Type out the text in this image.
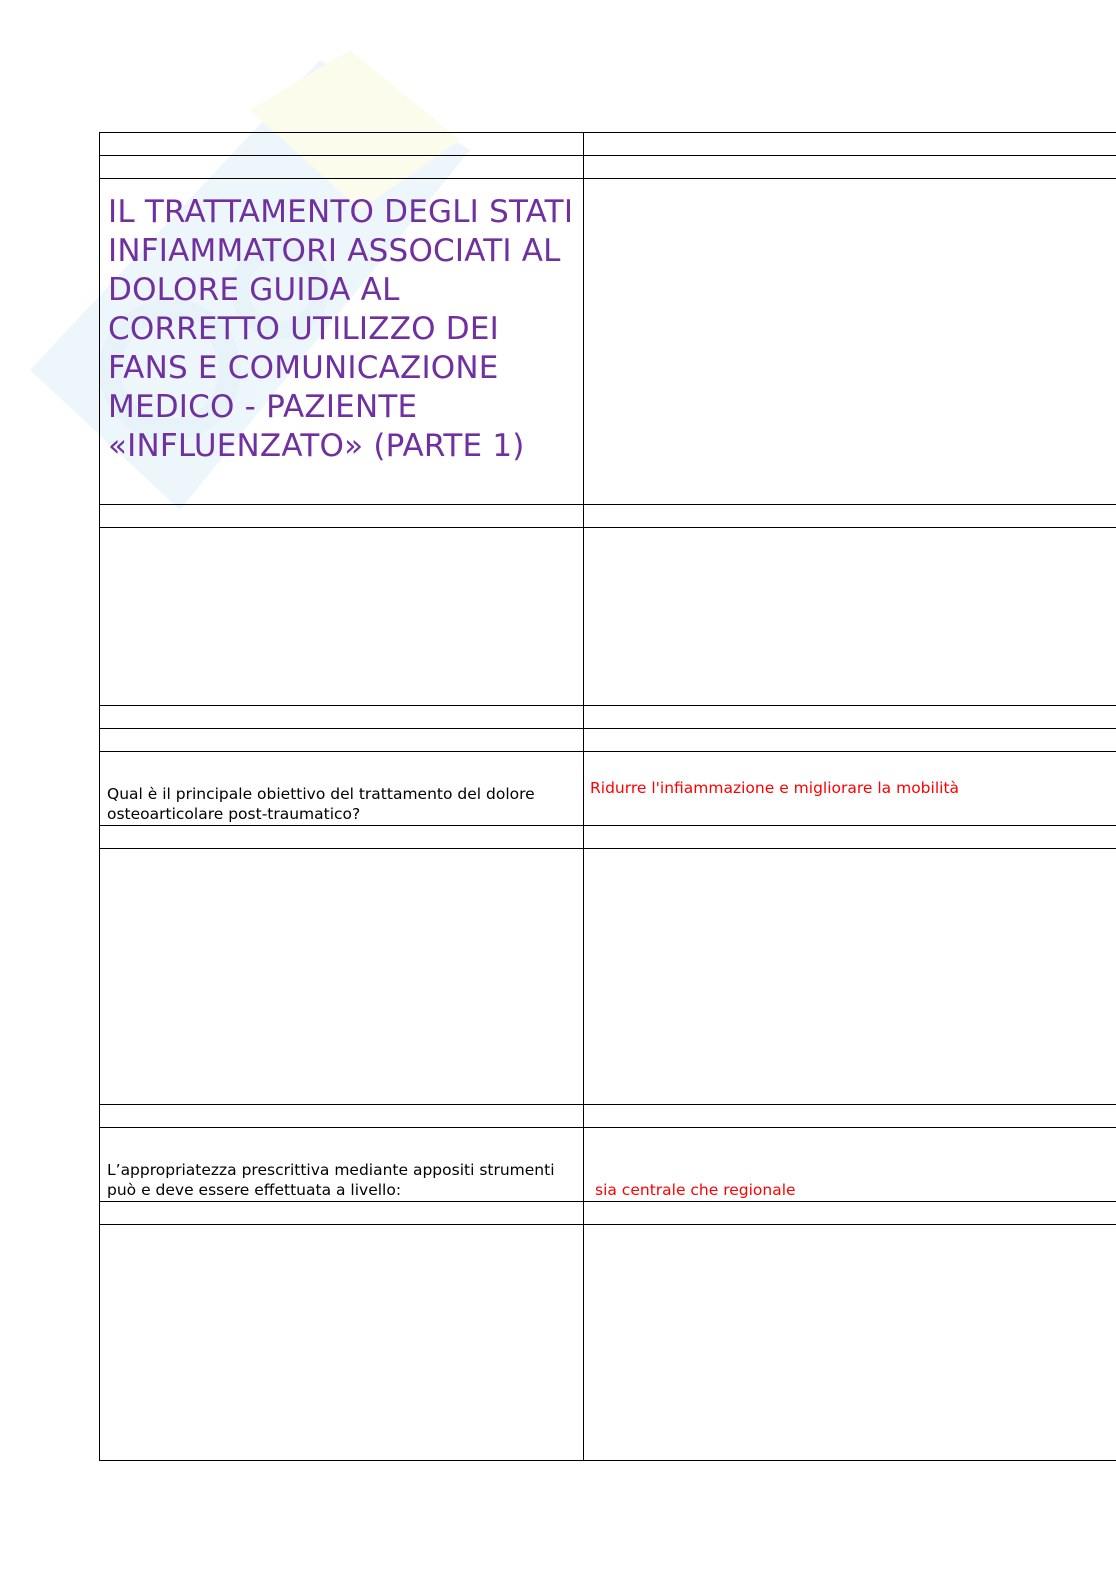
IL TRATTAMENTO DEGLI STATI INFIAMMATORI ASSOCIATI AL DOLORE GUIDA AL CORRETTO UTILIZZO DEI FANS E COMUNICAZIONE MEDICO - PAZIENTE «INFLUENZATO» (PARTE 1)
Qual è il principale obiettivo del trattamento del dolore osteoarticolare post-traumatico?
Ridurre l'infiammazione e migliorare la mobilità
L’appropriatezza prescrittiva mediante appositi strumenti può e deve essere effettuata a livello:	sia centrale che regionale
